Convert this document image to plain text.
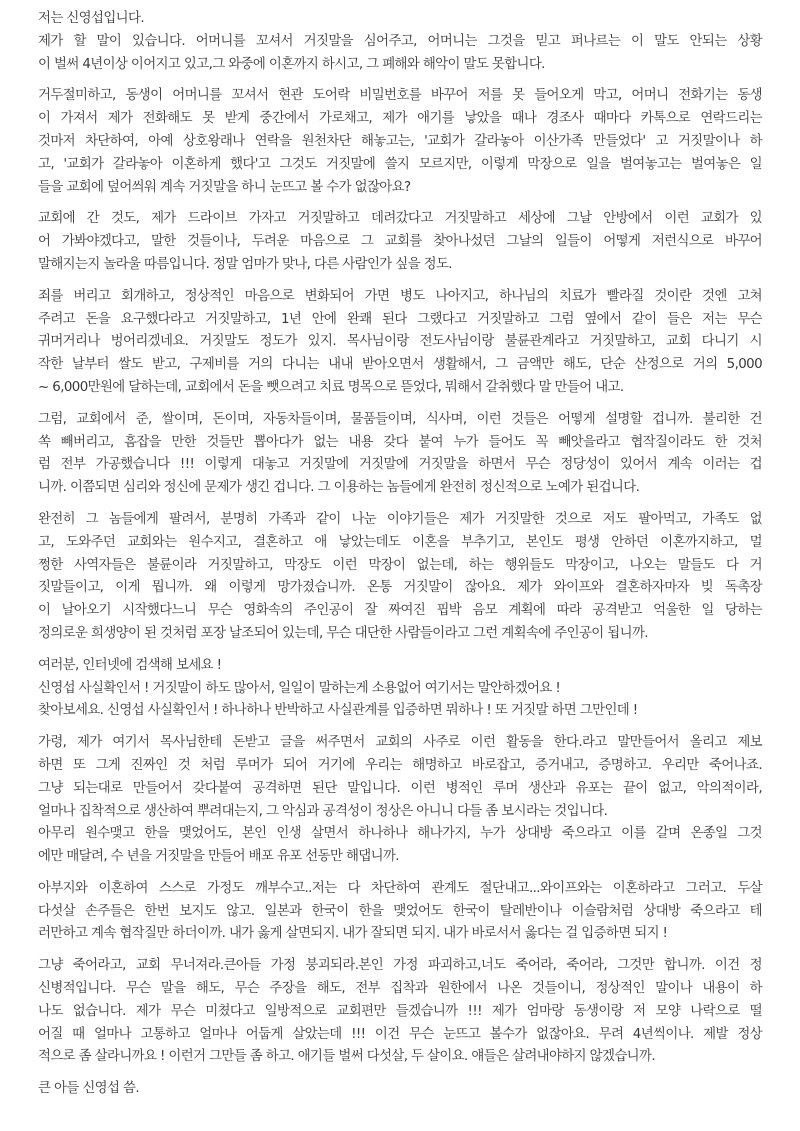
저는 신영섭입니다.
제가 할 말이 있습니다. 어머니를 꼬셔서 거짓말을 심어주고, 어머니는 그것을 믿고 퍼나르는 이 말도 안되는 상황
이 벌써 4년이상 이어지고 있고,그 와중에 이혼까지 하시고, 그 폐해와 해악이 말도 못합니다.
거두절미하고, 동생이 어머니를 꼬셔서 현관 도어락 비밀번호를 바꾸어 저를 못 들어오게 막고, 어머니 전화기는 동생
이 가져서 제가 전화해도 못 받게 중간에서 가로채고, 제가 애기를 낳았을 때나 경조사 때마다 카톡으로 연락드리는
것마저 차단하여, 아예 상호왕래나 연락을 원천차단 해놓고는, '교회가 갈라놓아 이산가족 만들었다' 고 거짓말이나 하
고, '교회가 갈라놓아 이혼하게 했다'고 그것도 거짓말에 쓸지 모르지만, 이렇게 막장으로 일을 벌여놓고는 벌여놓은 일
들을 교회에 덮어씌워 계속 거짓말을 하니 눈뜨고 볼 수가 없잖아요?
교회에 간 것도, 제가 드라이브 가자고 거짓말하고 데려갔다고 거짓말하고 세상에 그날 안방에서 이런 교회가 있
어 가봐야겠다고, 말한 것들이나, 두려운 마음으로 그 교회를 찾아나섰던 그날의 일들이 어떻게 저런식으로 바꾸어
말해지는지 놀라울 따름입니다. 정말 엄마가 맞나, 다른 사람인가 싶을 정도.
죄를 버리고 회개하고, 정상적인 마음으로 변화되어 가면 병도 나아지고, 하나님의 치료가 빨라질 것이란 것엔 고쳐
주려고 돈을 요구했다라고 거짓말하고, 1년 안에 완쾌 된다 그랬다고 거짓말하고 그럼 옆에서 같이 들은 저는 무슨
귀머거리나 벙어리겠네요. 거짓말도 정도가 있지. 목사님이랑 전도사님이랑 불륜관계라고 거짓말하고, 교회 다니기 시
작한 날부터 쌀도 받고, 구제비를 거의 다니는 내내 받아오면서 생활해서, 그 금액만 해도, 단순 산정으로 거의 5,000
~ 6,000만원에 달하는데, 교회에서 돈을 뺏으려고 치료 명목으로 뜯었다, 뭐해서 갈취했다 말 만들어 내고.
그럼, 교회에서 준, 쌀이며, 돈이며, 자동차들이며, 물품들이며, 식사며, 이런 것들은 어떻게 설명할 겁니까. 불리한 건
쏙 빼버리고, 흠잡을 만한 것들만 뽑아다가 없는 내용 갖다 붙여 누가 들어도 꼭 빼앗을라고 협작질이라도 한 것처
럼 전부 가공했습니다 !!! 이렇게 대놓고 거짓말에 거짓말에 거짓말을 하면서 무슨 정당성이 있어서 계속 이러는 겁
니까. 이쯤되면 심리와 정신에 문제가 생긴 겁니다. 그 이용하는 놈들에게 완전히 정신적으로 노예가 된겁니다.
완전히 그 놈들에게 팔려서, 분명히 가족과 같이 나눈 이야기들은 제가 거짓말한 것으로 저도 팔아먹고, 가족도 없
고, 도와주던 교회와는 원수지고, 결혼하고 애 낳았는데도 이혼을 부추기고, 본인도 평생 안하던 이혼까지하고, 멀
쩡한 사역자들은 불륜이라 거짓말하고, 막장도 이런 막장이 없는데, 하는 행위들도 막장이고, 나오는 말들도 다 거
짓말들이고, 이게 뭡니까. 왜 이렇게 망가졌습니까. 온통 거짓말이 잖아요. 제가 와이프와 결혼하자마자 빚 독촉장
이 날아오기 시작했다느니 무슨 영화속의 주인공이 잘 짜여진 핍박 음모 계획에 따라 공격받고 억울한 일 당하는
정의로운 희생양이 된 것처럼 포장 날조되어 있는데, 무슨 대단한 사람들이라고 그런 계획속에 주인공이 됩니까.
여러분, 인터넷에 검색해 보세요 !
신영섭 사실확인서 ! 거짓말이 하도 많아서, 일일이 말하는게 소용없어 여기서는 말안하겠어요 !
찾아보세요. 신영섭 사실확인서 ! 하나하나 반박하고 사실관계를 입증하면 뭐하나 ! 또 거짓말 하면 그만인데 !
가령, 제가 여기서 목사님한테 돈받고 글을 써주면서 교회의 사주로 이런 활동을 한다.라고 말만들어서 올리고 제보
하면 또 그게 진짜인 것 처럼 루머가 되어 거기에 우리는 해명하고 바로잡고, 증거내고, 증명하고. 우리만 죽어나죠.
그냥 되는대로 만들어서 갖다붙여 공격하면 된단 말입니다. 이런 병적인 루머 생산과 유포는 끝이 없고, 악의적이라,
얼마나 집착적으로 생산하여 뿌려대는지, 그 악심과 공격성이 정상은 아니니 다들 좀 보시라는 것입니다.
아무리 원수맺고 한을 맺었어도, 본인 인생 살면서 하나하나 해나가지, 누가 상대방 죽으라고 이를 갈며 온종일 그것
에만 매달려, 수 년을 거짓말을 만들어 배포 유포 선동만 해댑니까.
아부지와 이혼하여 스스로 가정도 깨부수고..저는 다 차단하여 관계도 절단내고...와이프와는 이혼하라고 그러고. 두살
다섯살 손주들은 한번 보지도 않고. 일본과 한국이 한을 맺었어도 한국이 탈레반이나 이슬람처럼 상대방 죽으라고 테
러만하고 계속 협작질만 하더이까. 내가 옳게 살면되지. 내가 잘되면 되지. 내가 바로서서 옳다는 걸 입증하면 되지 !
그냥 죽어라고, 교회 무너져라.큰아들 가정 붕괴되라.본인 가정 파괴하고,너도 죽어라, 죽어라, 그것만 합니까. 이건 정
신병적입니다. 무슨 말을 해도, 무슨 주장을 해도, 전부 집착과 원한에서 나온 것들이니, 정상적인 말이나 내용이 하
나도 없습니다. 제가 무슨 미쳤다고 일방적으로 교회편만 들겠습니까 !!! 제가 엄마랑 동생이랑 저 모양 나락으로 떨
어질 때 얼마나 고통하고 얼마나 어둡게 살았는데 !!! 이건 무슨 눈뜨고 볼수가 없잖아요. 무려 4년씩이나. 제발 정상
적으로 좀 살라니까요 ! 이런거 그만들 좀 하고. 애기들 벌써 다섯살, 두 살이요. 얘들은 살려내야하지 않겠습니까.
큰 아들 신영섭 씀.
